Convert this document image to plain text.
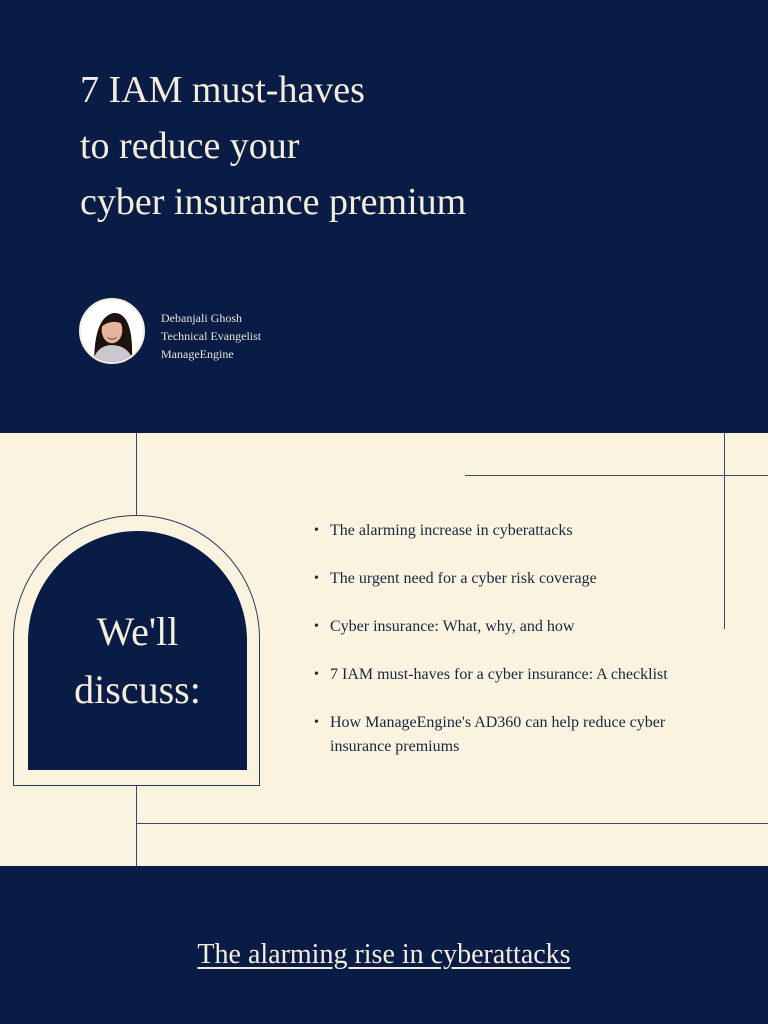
7 IAM must-haves
to reduce your
cyber insurance premium
Debanjali Ghosh
Technical Evangelist
ManageEngine
We'll
discuss:
• The alarming increase in cyberattacks
• The urgent need for a cyber risk coverage
• Cyber insurance: What, why, and how
• 7 IAM must-haves for a cyber insurance: A checklist
• How ManageEngine's AD360 can help reduce cyber insurance premiums
The alarming rise in cyberattacks
